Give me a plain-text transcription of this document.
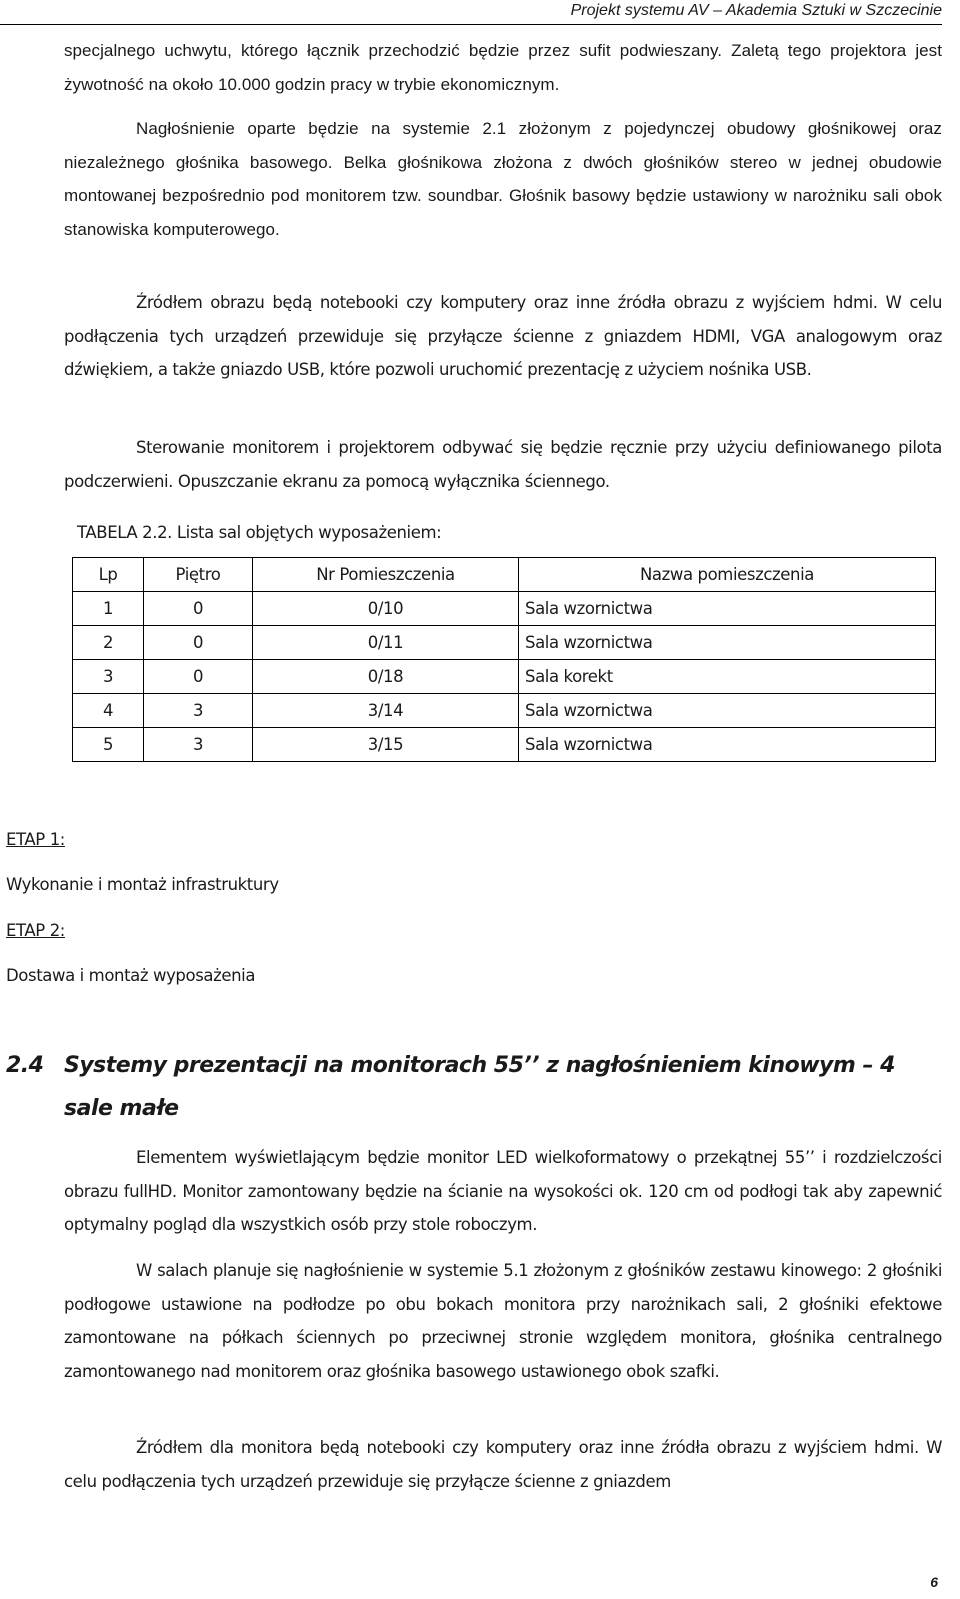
Projekt systemu AV – Akademia Sztuki w Szczecinie

specjalnego uchwytu, którego łącznik przechodzić będzie przez sufit podwieszany. Zaletą tego projektora jest żywotność na około 10.000 godzin pracy w trybie ekonomicznym.

Nagłośnienie oparte będzie na systemie 2.1 złożonym z pojedynczej obudowy głośnikowej oraz niezależnego głośnika basowego. Belka głośnikowa złożona z dwóch głośników stereo w jednej obudowie montowanej bezpośrednio pod monitorem tzw. soundbar. Głośnik basowy będzie ustawiony w narożniku sali obok stanowiska komputerowego.

Źródłem obrazu będą notebooki czy komputery oraz inne źródła obrazu z wyjściem hdmi. W celu podłączenia tych urządzeń przewiduje się przyłącze ścienne z gniazdem HDMI, VGA analogowym oraz dźwiękiem, a także gniazdo USB, które pozwoli uruchomić prezentację z użyciem nośnika USB.

Sterowanie monitorem i projektorem odbywać się będzie ręcznie przy użyciu definiowanego pilota podczerwieni. Opuszczanie ekranu za pomocą wyłącznika ściennego.

TABELA 2.2. Lista sal objętych wyposażeniem:

Lp	Piętro	Nr Pomieszczenia	Nazwa pomieszczenia
1	0	0/10	Sala wzornictwa
2	0	0/11	Sala wzornictwa
3	0	0/18	Sala korekt
4	3	3/14	Sala wzornictwa
5	3	3/15	Sala wzornictwa

ETAP 1:

Wykonanie i montaż infrastruktury

ETAP 2:

Dostawa i montaż wyposażenia

2.4 Systemy prezentacji na monitorach 55’’ z nagłośnieniem kinowym – 4
sale małe

Elementem wyświetlającym będzie monitor LED wielkoformatowy o przekątnej 55’’ i rozdzielczości obrazu fullHD. Monitor zamontowany będzie na ścianie na wysokości ok. 120 cm od podłogi tak aby zapewnić optymalny pogląd dla wszystkich osób przy stole roboczym.

W salach planuje się nagłośnienie w systemie 5.1 złożonym z głośników zestawu kinowego: 2 głośniki podłogowe ustawione na podłodze po obu bokach monitora przy narożnikach sali, 2 głośniki efektowe zamontowane na półkach ściennych po przeciwnej stronie względem monitora, głośnika centralnego zamontowanego nad monitorem oraz głośnika basowego ustawionego obok szafki.

Źródłem dla monitora będą notebooki czy komputery oraz inne źródła obrazu z wyjściem hdmi. W celu podłączenia tych urządzeń przewiduje się przyłącze ścienne z gniazdem

6
